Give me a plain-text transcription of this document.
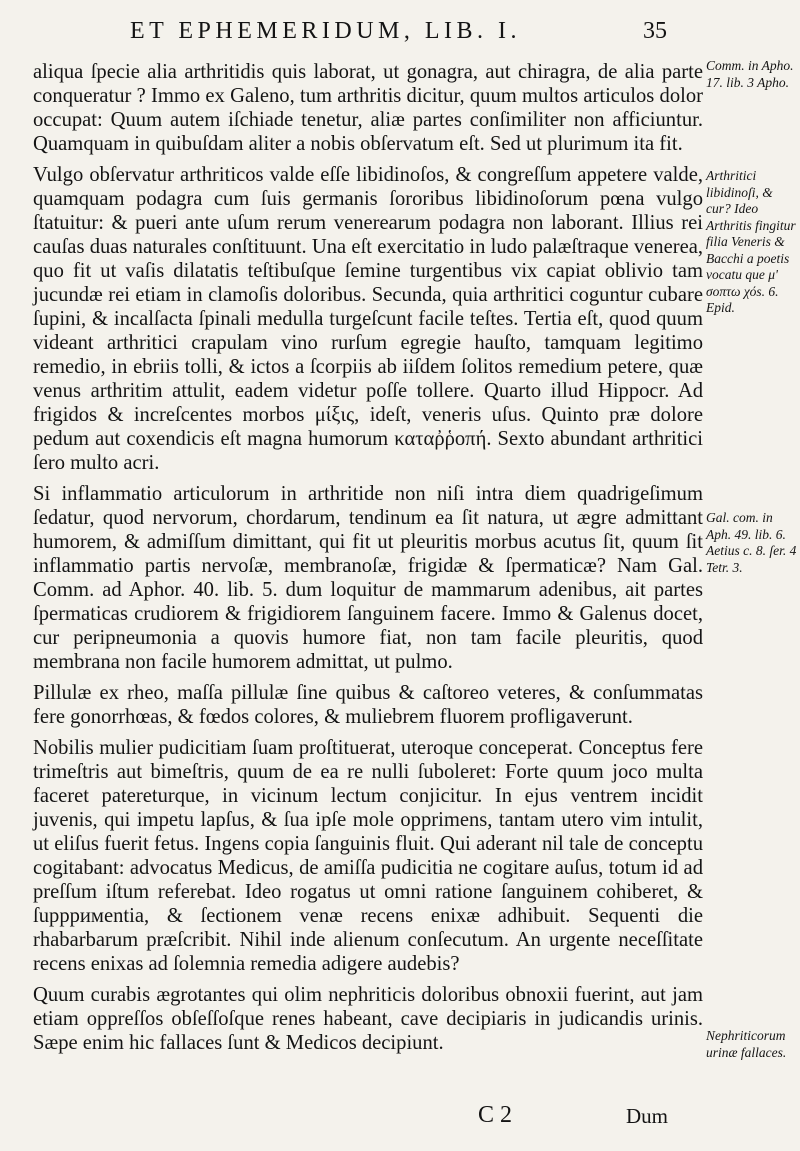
ET EPHEMERIDUM, LIB. I.	35

aliqua ſpecie alia arthritidis quis laborat, ut gonagra, aut chiragra, de alia parte conqueratur ? Immo ex Galeno, tum arthritis dicitur, quum multos articulos dolor occupat: Quum autem iſchiade tenetur, aliæ partes conſimiliter non afficiuntur. Quamquam in quibuſdam aliter a nobis obſervatum eſt. Sed ut plurimum ita fit.

Vulgo obſervatur arthriticos valde eſſe libidinoſos, & congreſſum appetere valde, quamquam podagra cum ſuis germanis ſororibus libidinoſorum pœna vulgo ſtatuitur: & pueri ante uſum rerum venerearum podagra non laborant. Illius rei cauſas duas naturales conſtituunt. Una eſt exercitatio in ludo palæſtraque venerea, quo fit ut vaſis dilatatis teſtibuſque ſemine turgentibus vix capiat oblivio tam jucundæ rei etiam in clamoſis doloribus. Secunda, quia arthritici coguntur cubare ſupini, & incalſacta ſpinali medulla turgeſcunt facile teſtes. Tertia eſt, quod quum videant arthritici crapulam vino rurſum egregie hauſto, tamquam legitimo remedio, in ebriis tolli, & ictos a ſcorpiis ab iiſdem ſolitos remedium petere, quæ venus arthritim attulit, eadem videtur poſſe tollere. Quarto illud Hippocr. Ad frigidos & increſcentes morbos μίξις, ideſt, veneris uſus. Quinto præ dolore pedum aut coxendicis eſt magna humorum καταῤῥοπή. Sexto abundant arthritici ſero multo acri.

Si inflammatio articulorum in arthritide non niſi intra diem quadrigeſimum ſedatur, quod nervorum, chordarum, tendinum ea ſit natura, ut ægre admittant humorem, & admiſſum dimittant, qui fit ut pleuritis morbus acutus ſit, quum ſit inflammatio partis nervoſæ, membranoſæ, frigidæ & ſpermaticæ? Nam Gal. Comm. ad Aphor. 40. lib. 5. dum loquitur de mammarum adenibus, ait partes ſpermaticas crudiorem & frigidiorem ſanguinem facere. Immo & Galenus docet, cur peripneumonia a quovis humore fiat, non tam facile pleuritis, quod membrana non facile humorem admittat, ut pulmo.

Pillulæ ex rheo, maſſa pillulæ ſine quibus & caſtoreo veteres, & conſummatas fere gonorrhœas, & fœdos colores, & muliebrem fluorem profligaverunt.

Nobilis mulier pudicitiam ſuam proſtituerat, uteroque conceperat. Conceptus fere trimeſtris aut bimeſtris, quum de ea re nulli ſuboleret: Forte quum joco multa faceret patereturque, in vicinum lectum conjicitur. In ejus ventrem incidit juvenis, qui impetu lapſus, & ſua ipſe mole opprimens, tantam utero vim intulit, ut eliſus fuerit fetus. Ingens copia ſanguinis fluit. Qui aderant nil tale de conceptu cogitabant: advocatus Medicus, de amiſſa pudicitia ne cogitare auſus, totum id ad preſſum iſtum referebat. Ideo rogatus ut omni ratione ſanguinem cohiberet, & ſuppримentia, & ſectionem venæ recens enixæ adhibuit. Sequenti die rhabarbarum præſcribit. Nihil inde alienum conſecutum. An urgente neceſſitate recens enixas ad ſolemnia remedia adigere audebis?

Quum curabis ægrotantes qui olim nephriticis doloribus obnoxii fuerint, aut jam etiam oppreſſos obſeſſoſque renes habeant, cave decipiaris in judicandis urinis. Sæpe enim hic fallaces ſunt & Medicos decipiunt.

Comm. in Apho. 17. lib. 3 Apho.
Arthritici libidinoſi, & cur? Ideo Arthritis fingitur filia Veneris & Bacchi a poetis vocatu que μ' σοπτω χόs. 6. Epid.
Gal. com. in Aph. 49. lib. 6. Aetius c. 8. ſer. 4 Tetr. 3.
Nephriticorum urinæ fallaces.
C 2	Dum
